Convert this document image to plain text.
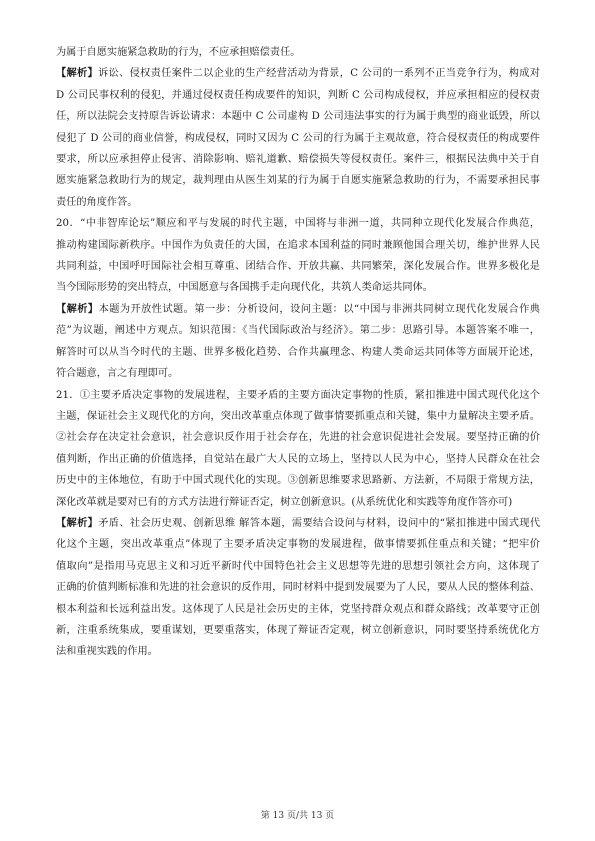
为属于自愿实施紧急救助的行为，不应承担赔偿责任。
【解析】诉讼、侵权责任案件二以企业的生产经营活动为背景，C 公司的一系列不正当竞争行为，构成对
D 公司民事权利的侵犯，并通过侵权责任构成要件的知识，判断 C 公司构成侵权，并应承担相应的侵权责
任，所以法院会支持原告诉讼请求：本题中 C 公司虚构 D 公司违法事实的行为属于典型的商业诋毁，所以
侵犯了 D 公司的商业信誉，构成侵权，同时又因为 C 公司的行为属于主观故意，符合侵权责任的构成要件
要求，所以应承担停止侵害、消除影响、赔礼道歉、赔偿损失等侵权责任。案件三，根据民法典中关于自
愿实施紧急救助行为的规定，裁判理由从医生刘某的行为属于自愿实施紧急救助的行为，不需要承担民事
责任的角度作答。
20．“中非智库论坛”顺应和平与发展的时代主题，中国将与非洲一道，共同种立现代化发展合作典范，
推动构建国际新秩序。中国作为负责任的大国，在追求本国利益的同时兼顾他国合理关切，维护世界人民
共同利益，中国呼吁国际社会相互尊重、团结合作、开放共赢、共同繁荣，深化发展合作。世界多极化是
当今国际形势的突出特点，中国愿意与各国携手走向现代化，共筑人类命运共同体。
【解析】本题为开放性试题。第一步：分析设问，设问主题：以“中国与非洲共同树立现代化发展合作典
范”为议题，阐述中方观点。知识范围：《当代国际政治与经济》。第二步：思路引导。本题答案不唯一，
解答时可以从当今时代的主题、世界多极化趋势、合作共赢理念、构建人类命运共同体等方面展开论述，
符合题意，言之有理即可。
21．①主要矛盾决定事物的发展进程，主要矛盾的主要方面决定事物的性质，紧扣推进中国式现代化这个
主题，保证社会主义现代化的方向，突出改革重点体现了做事情要抓重点和关键，集中力量解决主要矛盾。
②社会存在决定社会意识，社会意识反作用于社会存在，先进的社会意识促进社会发展。要坚持正确的价
值判断，作出正确的价值选择，自觉站在最广大人民的立场上，坚持以人民为中心，坚持人民群众在社会
历史中的主体地位，有助于中国式现代化的实现。③创新思维要求思路新、方法新，不局限于常规方法，
深化改革就是要对已有的方式方法进行辩证否定，树立创新意识。(从系统优化和实践等角度作答亦可)
【解析】矛盾、社会历史观、创新思维 解答本题，需要结合设问与材料，设问中的“紧扣推进中国式现代
化这个主题，突出改革重点”体现了主要矛盾决定事物的发展进程，做事情要抓住重点和关键；“把牢价
值取向”是指用马克思主义和习近平新时代中国特色社会主义思想等先进的思想引领社会方向，这体现了
正确的价值判断标准和先进的社会意识的反作用，同时材料中提到发展要为了人民，要从人民的整体利益、
根本利益和长远利益出发。这体现了人民是社会历史的主体，党坚持群众观点和群众路线；改革要守正创
新，注重系统集成，要重谋划，更要重落实，体现了辩证否定观，树立创新意识，同时要坚持系统优化方
法和重视实践的作用。
第 13 页/共 13 页
